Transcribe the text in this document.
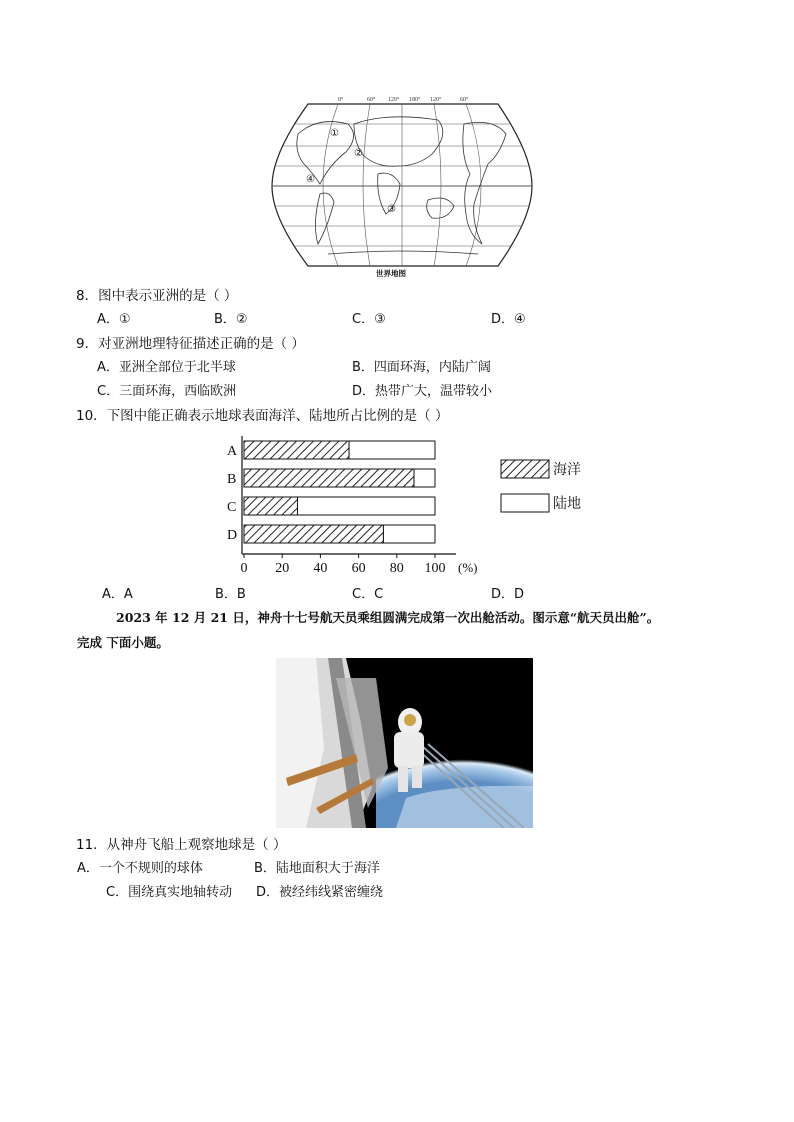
0°	60° 120° 180° 120°	60°
①
②
③
④
世界地图
8．图中表示亚洲的是（ ）
A．①	B．②	C．③	D．④
9．对亚洲地理特征描述正确的是（ ）
A．亚洲全部位于北半球	B．四面环海，内陆广阔
C．三面环海，西临欧洲	D．热带广大，温带较小
10．下图中能正确表示地球表面海洋、陆地所占比例的是（ ）
A
B
C
D
0 20 40 60 80 100 (%)
海洋
陆地
A．A	B．B	C．C	D．D
2023 年 12 月 21 日，神舟十七号航天员乘组圆满完成第一次出舱活动。图示意“航天员出舱”。
完成 下面小题。
11．从神舟飞船上观察地球是（ ）
A．一个不规则的球体	B．陆地面积大于海洋
C．围绕真实地轴转动 D．被经纬线紧密缠绕
